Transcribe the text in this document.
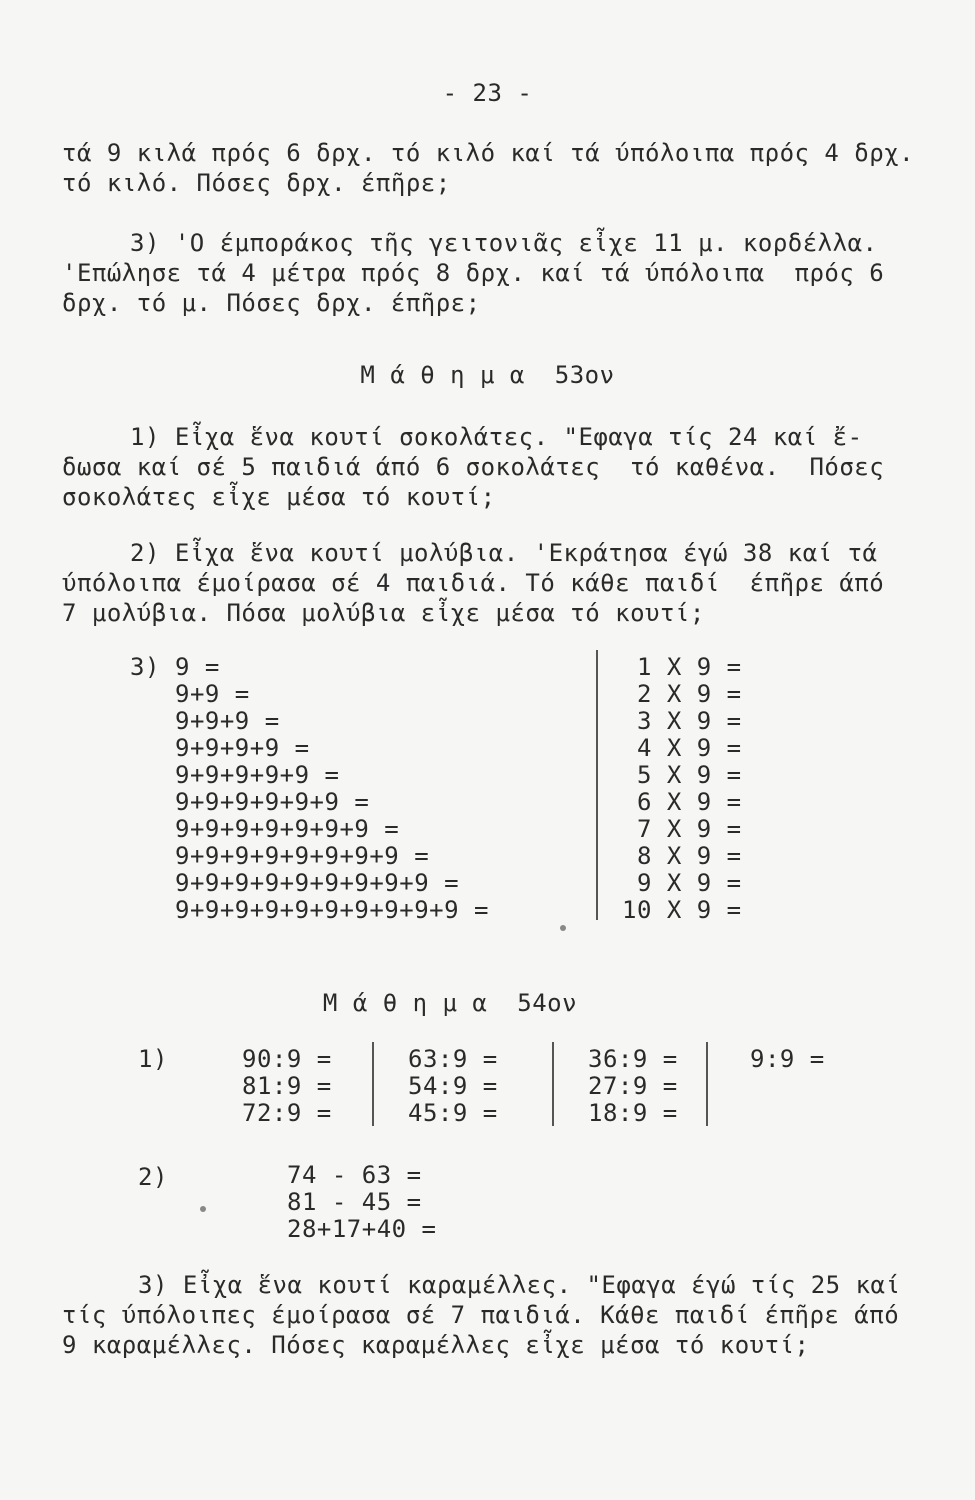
- 23 -
τά 9 κιλά πρός 6 δρχ. τό κιλό καί τά ύπόλοιπα πρός 4 δρχ.
τό κιλό. Πόσες δρχ. έπῆρε;
3) 'Ο έμποράκος τῆς γειτονιᾶς εἶχε 11 μ. κορδέλλα.
'Επώλησε τά 4 μέτρα πρός 8 δρχ. καί τά ύπόλοιπα  πρός 6
δρχ. τό μ. Πόσες δρχ. έπῆρε;
Μ ά θ η μ α  53ον
1) Εἶχα ἕνα κουτί σοκολάτες. "Εφαγα τίς 24 καί ἔ-
δωσα καί σέ 5 παιδιά άπό 6 σοκολάτες  τό καθένα.  Πόσες
σοκολάτες εἶχε μέσα τό κουτί;
2) Εἶχα ἕνα κουτί μολύβια. 'Εκράτησα έγώ 38 καί τά
ύπόλοιπα έμοίρασα σέ 4 παιδιά. Τό κάθε παιδί  έπῆρε άπό
7 μολύβια. Πόσα μολύβια εἶχε μέσα τό κουτί;
3) 9 =
9+9 =
9+9+9 =
9+9+9+9 =
9+9+9+9+9 =
9+9+9+9+9+9 =
9+9+9+9+9+9+9 =
9+9+9+9+9+9+9+9 =
9+9+9+9+9+9+9+9+9 =
9+9+9+9+9+9+9+9+9+9 =
1 X 9 =
2 X 9 =
3 X 9 =
4 X 9 =
5 X 9 =
6 X 9 =
7 X 9 =
8 X 9 =
9 X 9 =
10 X 9 =
Μ ά θ η μ α  54ον
1)	90:9 =
81:9 =
72:9 =
63:9 =
54:9 =
45:9 =
36:9 =
27:9 =
18:9 =
9:9 =
2)	74 - 63 =
81 - 45 =
28+17+40 =
3) Εἶχα ἕνα κουτί καραμέλλες. "Εφαγα έγώ τίς 25 καί
τίς ύπόλοιπες έμοίρασα σέ 7 παιδιά. Κάθε παιδί έπῆρε άπό
9 καραμέλλες. Πόσες καραμέλλες εἶχε μέσα τό κουτί;
